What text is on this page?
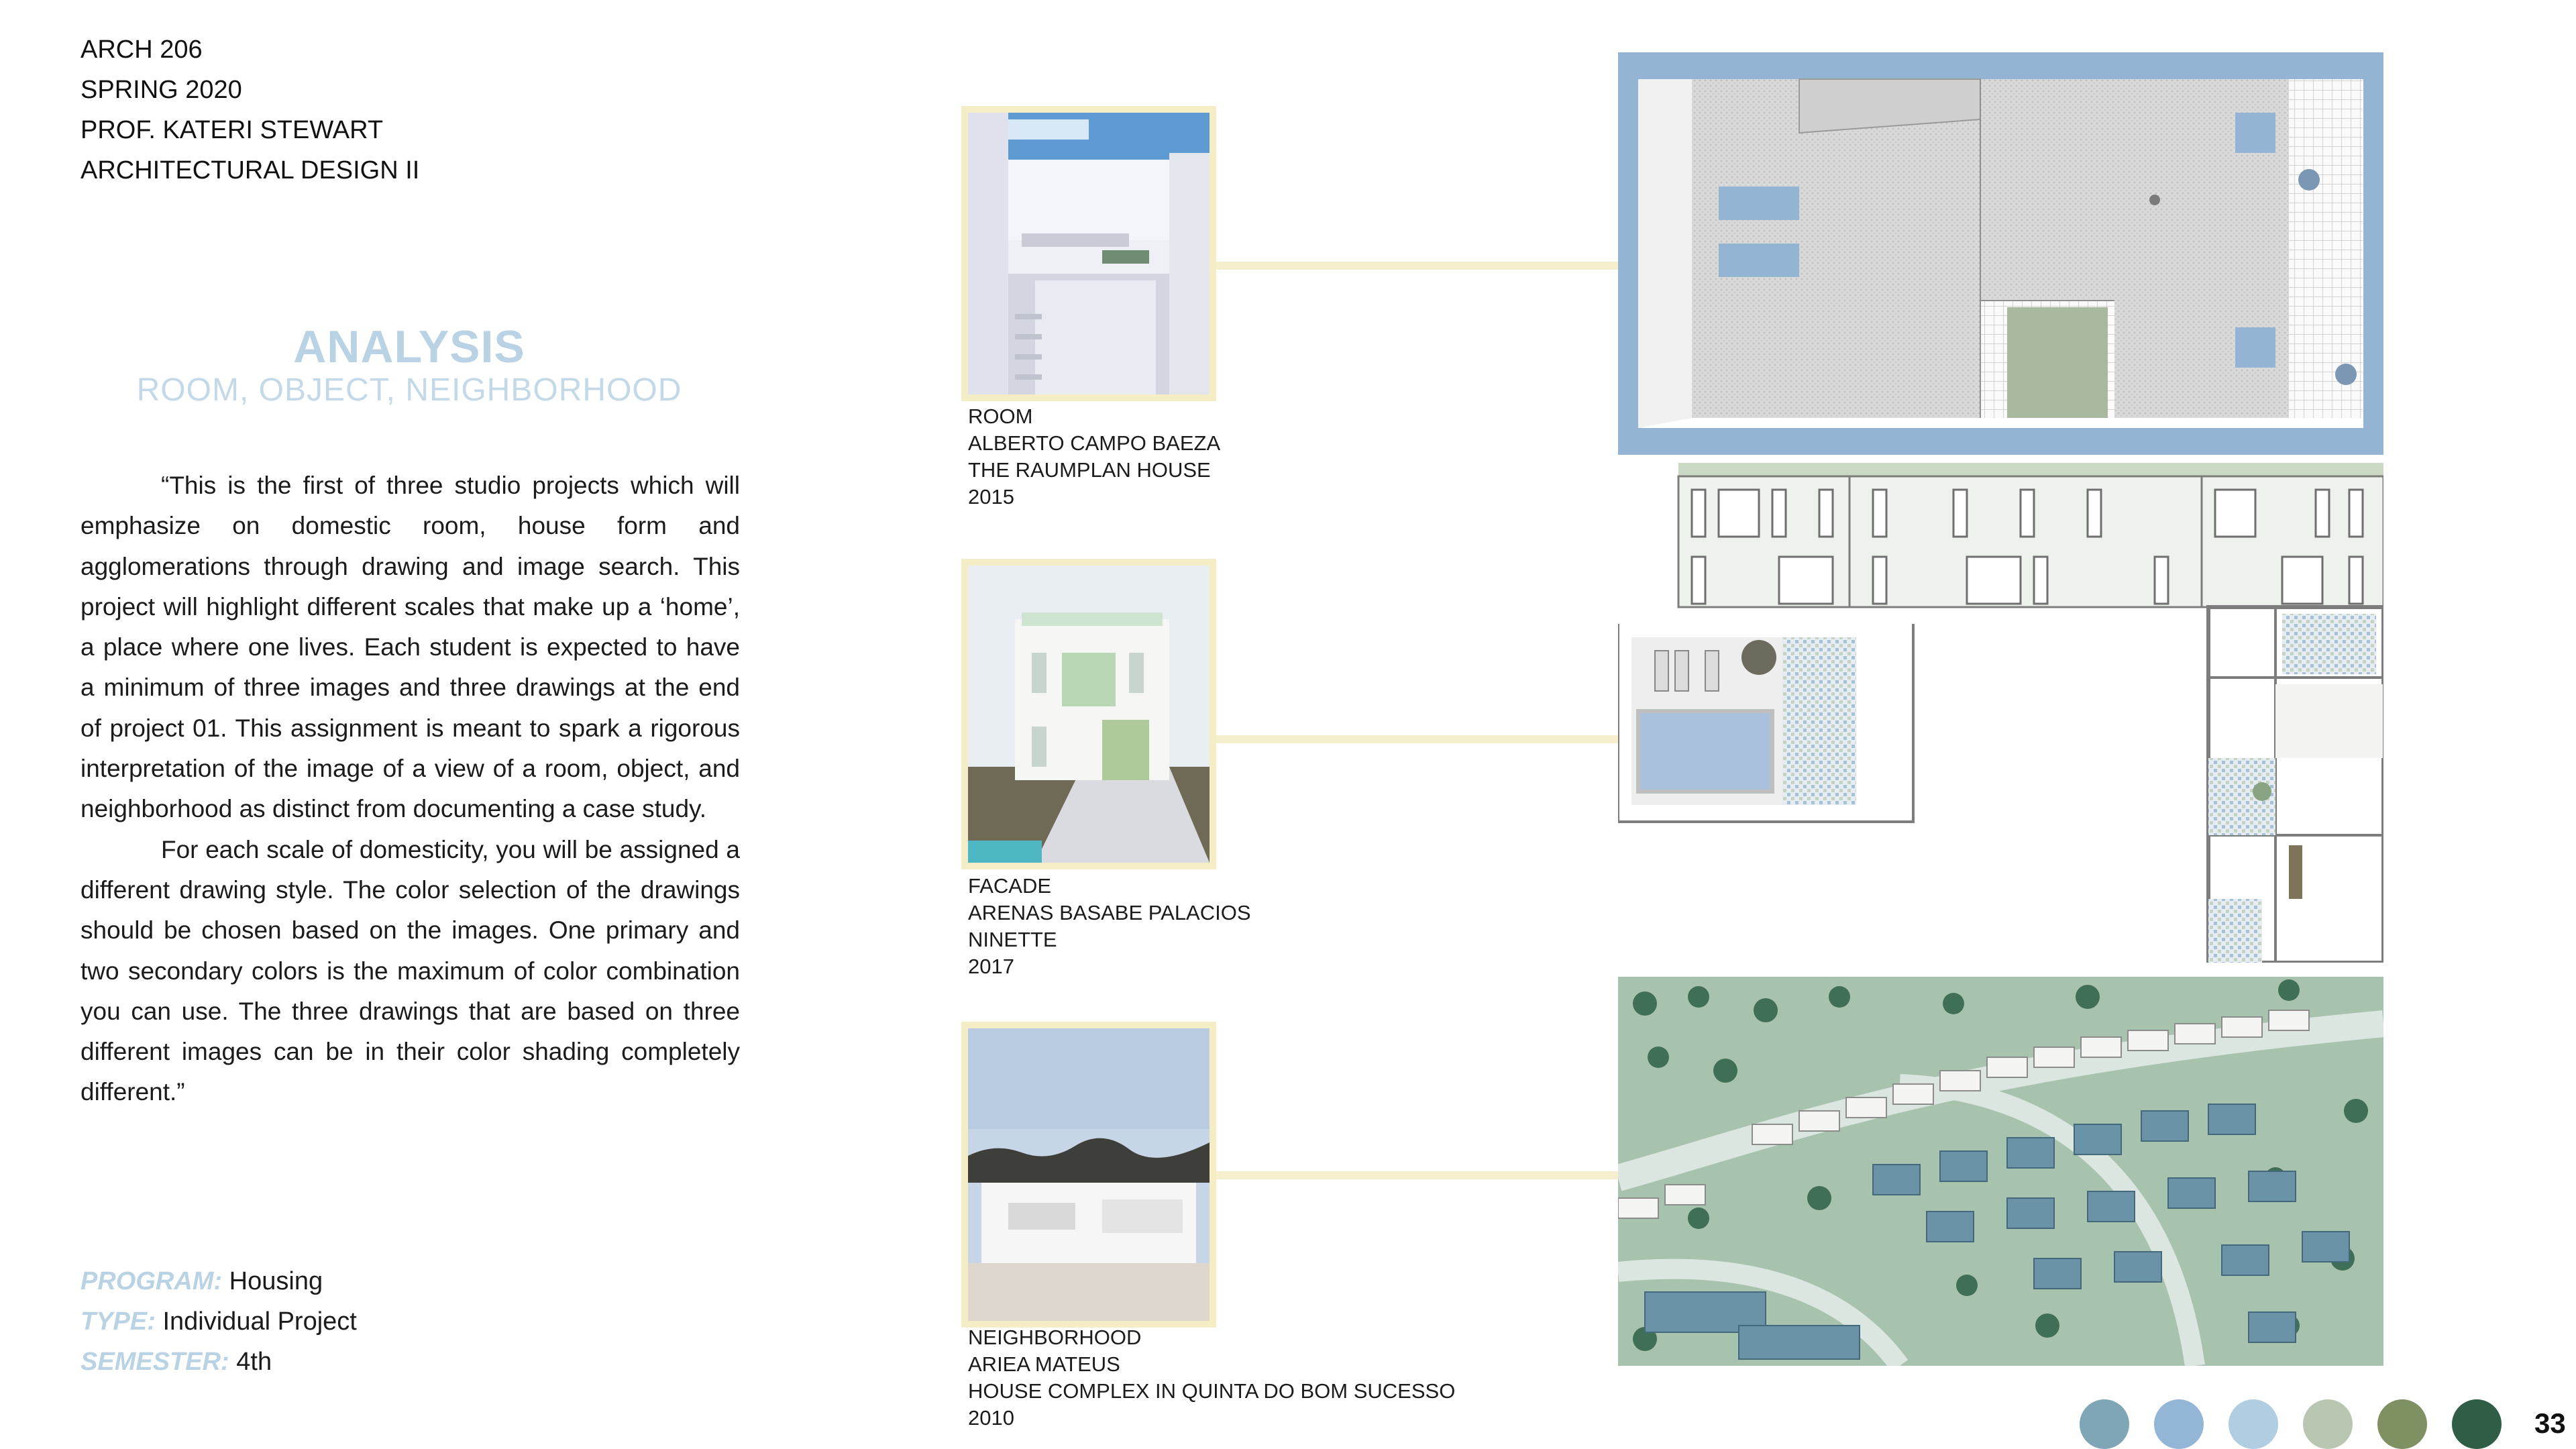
ARCH 206
SPRING 2020
PROF. KATERI STEWART
ARCHITECTURAL DESIGN II
ANALYSIS
ROOM, OBJECT, NEIGHBORHOOD

“This is the first of three studio projects which will emphasize on domestic room, house form and agglomerations through drawing and image search. This project will highlight different scales that make up a ‘home’, a place where one lives. Each student is expected to have a minimum of three images and three drawings at the end of project 01. This assignment is meant to spark a rigorous interpretation of the image of a view of a room, object, and neighborhood as distinct from documenting a case study.

For each scale of domesticity, you will be assigned a different drawing style. The color selection of the drawings should be chosen based on the images. One primary and two secondary colors is the maximum of color combination you can use. The three drawings that are based on three different images can be in their color shading completely different.”

PROGRAM: Housing
TYPE: Individual Project
SEMESTER: 4th
ROOM
ALBERTO CAMPO BAEZA
THE RAUMPLAN HOUSE
2015
FACADE
ARENAS BASABE PALACIOS
NINETTE
2017
NEIGHBORHOOD
ARIEA MATEUS
HOUSE COMPLEX IN QUINTA DO BOM SUCESSO
2010	33
